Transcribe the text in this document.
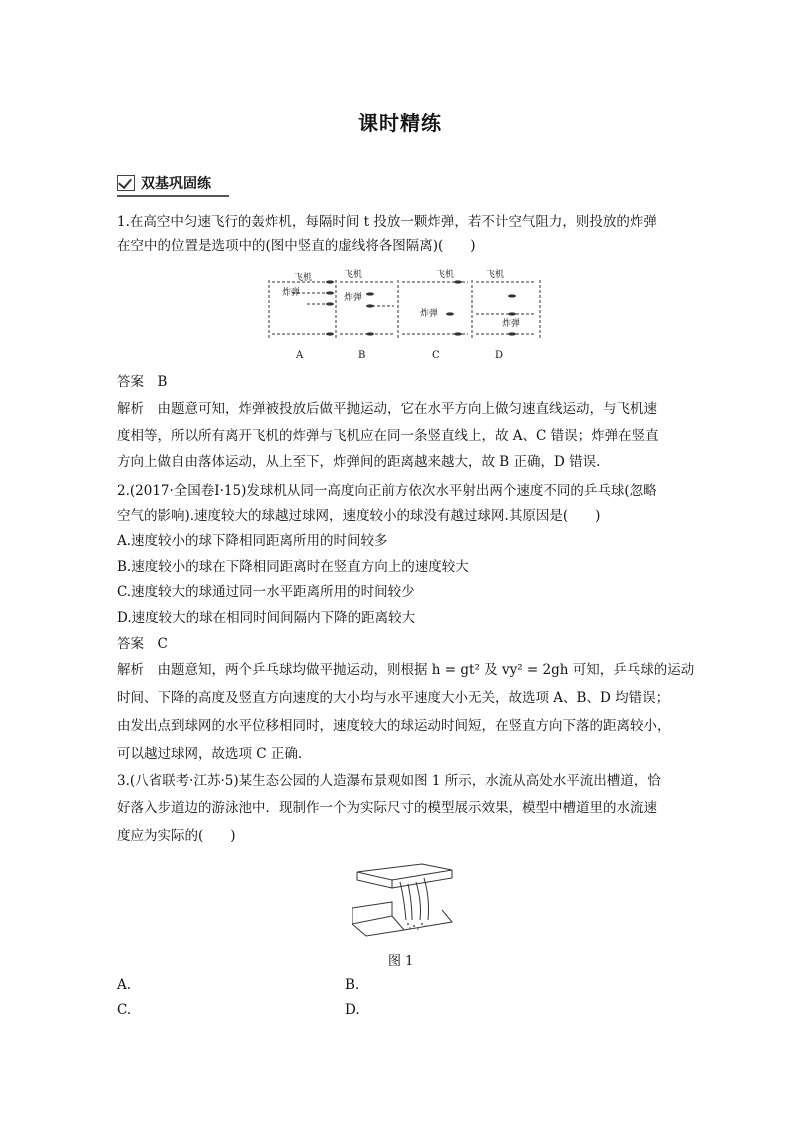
课时精练
双基巩固练
1.在高空中匀速飞行的轰炸机，每隔时间 t 投放一颗炸弹，若不计空气阻力，则投放的炸弹
在空中的位置是选项中的(图中竖直的虚线将各图隔离)(　　)
飞机
炸弹
飞机
炸弹
飞机
炸弹
飞机
炸弹
A	B	C	D
答案　B
解析　由题意可知，炸弹被投放后做平抛运动，它在水平方向上做匀速直线运动，与飞机速
度相等，所以所有离开飞机的炸弹与飞机应在同一条竖直线上，故 A、C 错误；炸弹在竖直
方向上做自由落体运动，从上至下，炸弹间的距离越来越大，故 B 正确，D 错误.
2.(2017·全国卷Ⅰ·15)发球机从同一高度向正前方依次水平射出两个速度不同的乒乓球(忽略
空气的影响).速度较大的球越过球网，速度较小的球没有越过球网.其原因是(　　)
A.速度较小的球下降相同距离所用的时间较多
B.速度较小的球在下降相同距离时在竖直方向上的速度较大
C.速度较大的球通过同一水平距离所用的时间较少
D.速度较大的球在相同时间间隔内下降的距离较大
答案　C
解析　由题意知，两个乒乓球均做平抛运动，则根据 h = gt² 及 vy² = 2gh 可知，乒乓球的运动
时间、下降的高度及竖直方向速度的大小均与水平速度大小无关，故选项 A、B、D 均错误；
由发出点到球网的水平位移相同时，速度较大的球运动时间短，在竖直方向下落的距离较小，
可以越过球网，故选项 C 正确.
3.(八省联考·江苏·5)某生态公园的人造瀑布景观如图 1 所示，水流从高处水平流出槽道，恰
好落入步道边的游泳池中．现制作一个为实际尺寸的模型展示效果，模型中槽道里的水流速
度应为实际的(　　)
图 1
A.	B.
C.	D.
